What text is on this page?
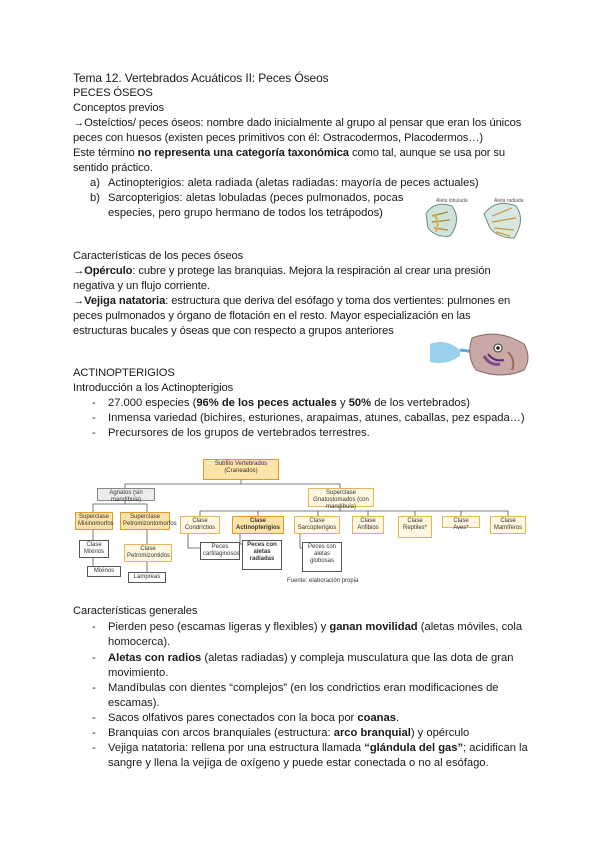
Tema 12. Vertebrados Acuáticos II: Peces Óseos
PECES ÓSEOS
Conceptos previos
→Osteíctios/ peces óseos: nombre dado inicialmente al grupo al pensar que eran los únicos
peces con huesos (existen peces primitivos con él: Ostracodermos, Placodermos…)
Este término no representa una categoría taxonómica como tal, aunque se usa por su
sentido práctico.
a) Actinopterigios: aleta radiada (aletas radiadas: mayoría de peces actuales)
b) Sarcopterigios: aletas lobuladas (peces pulmonados, pocas
especies, pero grupo hermano de todos los tetrápodos)
Aleta lobulada	Aleta radiada
Características de los peces óseos
→Opérculo: cubre y protege las branquias. Mejora la respiración al crear una presión
negativa y un flujo corriente.
→Vejiga natatoria: estructura que deriva del esófago y toma dos vertientes: pulmones en
peces pulmonados y órgano de flotación en el resto. Mayor especialización en las
estructuras bucales y óseas que con respecto a grupos anteriores
ACTINOPTERIGIOS
Introducción a los Actinopterigios
- 27.000 especies (96% de los peces actuales y 50% de los vertebrados)
- Inmensa variedad (bichires, esturiones, arapaimas, atunes, caballas, pez espada…)
- Precursores de los grupos de vertebrados terrestres.
Subfilo Vertebrados (Craneados)
Agnatos (sin mandíbula)
Superclase Gnatostomados (con mandíbula)
Superclase Mixinomorfos
Superclase Petromizontomorfos
Clase Mixinos
Mixinos
Clase Petromizontidos
Lampreas
Clase Condríctios
Clase Actinopterígios
Clase Sarcopterígios
Clase Anfibios
Clase Reptiles*
Clase Aves*
Clase Mamíferos
Peces cartilaginosos
Peces con aletas radiadas
Peces con aletas globosas
Fuente: elaboración propia
Características generales
- Pierden peso (escamas ligeras y flexibles) y ganan movilidad (aletas móviles, cola
homocerca).
- Aletas con radios (aletas radiadas) y compleja musculatura que las dota de gran
movimiento.
- Mandíbulas con dientes “complejos” (en los condrictios eran modificaciones de
escamas).
- Sacos olfativos pares conectados con la boca por coanas.
- Branquias con arcos branquiales (estructura: arco branquial) y opérculo
- Vejiga natatoria: rellena por una estructura llamada “glándula del gas”; acidifican la
sangre y llena la vejiga de oxígeno y puede estar conectada o no al esófago.
